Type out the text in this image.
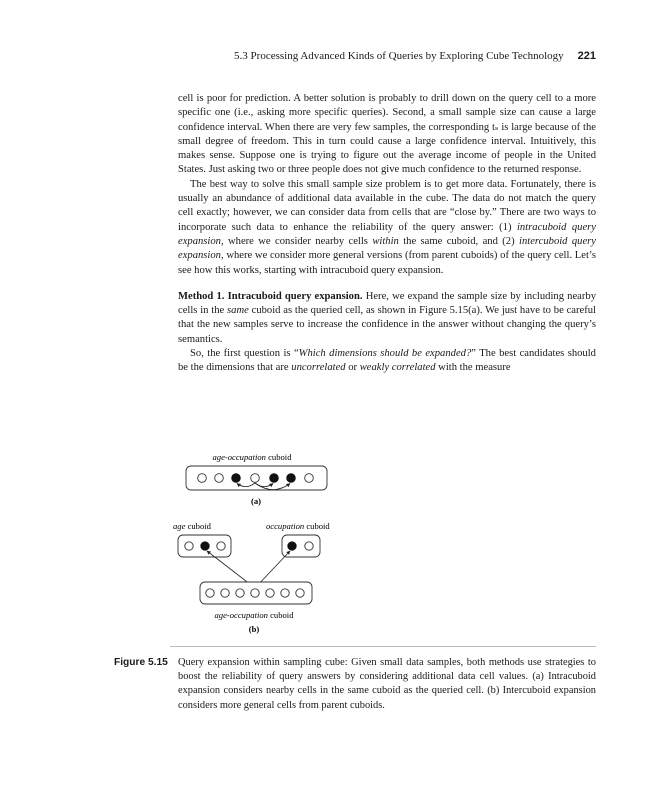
5.3 Processing Advanced Kinds of Queries by Exploring Cube Technology 221

cell is poor for prediction. A better solution is probably to drill down on the query cell to a more specific one (i.e., asking more specific queries). Second, a small sample size can cause a large confidence interval. When there are very few samples, the corresponding tₛ is large because of the small degree of freedom. This in turn could cause a large confidence interval. Intuitively, this makes sense. Suppose one is trying to figure out the average income of people in the United States. Just asking two or three people does not give much confidence to the returned response.

The best way to solve this small sample size problem is to get more data. Fortunately, there is usually an abundance of additional data available in the cube. The data do not match the query cell exactly; however, we can consider data from cells that are “close by.” There are two ways to incorporate such data to enhance the reliability of the query answer: (1) intracuboid query expansion, where we consider nearby cells within the same cuboid, and (2) intercuboid query expansion, where we consider more general versions (from parent cuboids) of the query cell. Let’s see how this works, starting with intracuboid query expansion.

Method 1. Intracuboid query expansion. Here, we expand the sample size by including nearby cells in the same cuboid as the queried cell, as shown in Figure 5.15(a). We just have to be careful that the new samples serve to increase the confidence in the answer without changing the query’s semantics.

So, the first question is “Which dimensions should be expanded?” The best candidates should be the dimensions that are uncorrelated or weakly correlated with the measure

age-occupation cuboid
(a)
age cuboid	occupation cuboid
age-occupation cuboid
(b)
Figure 5.15 Query expansion within sampling cube: Given small data samples, both methods use strategies to boost the reliability of query answers by considering additional data cell values. (a) Intracuboid expansion considers nearby cells in the same cuboid as the queried cell. (b) Intercuboid expansion considers more general cells from parent cuboids.
